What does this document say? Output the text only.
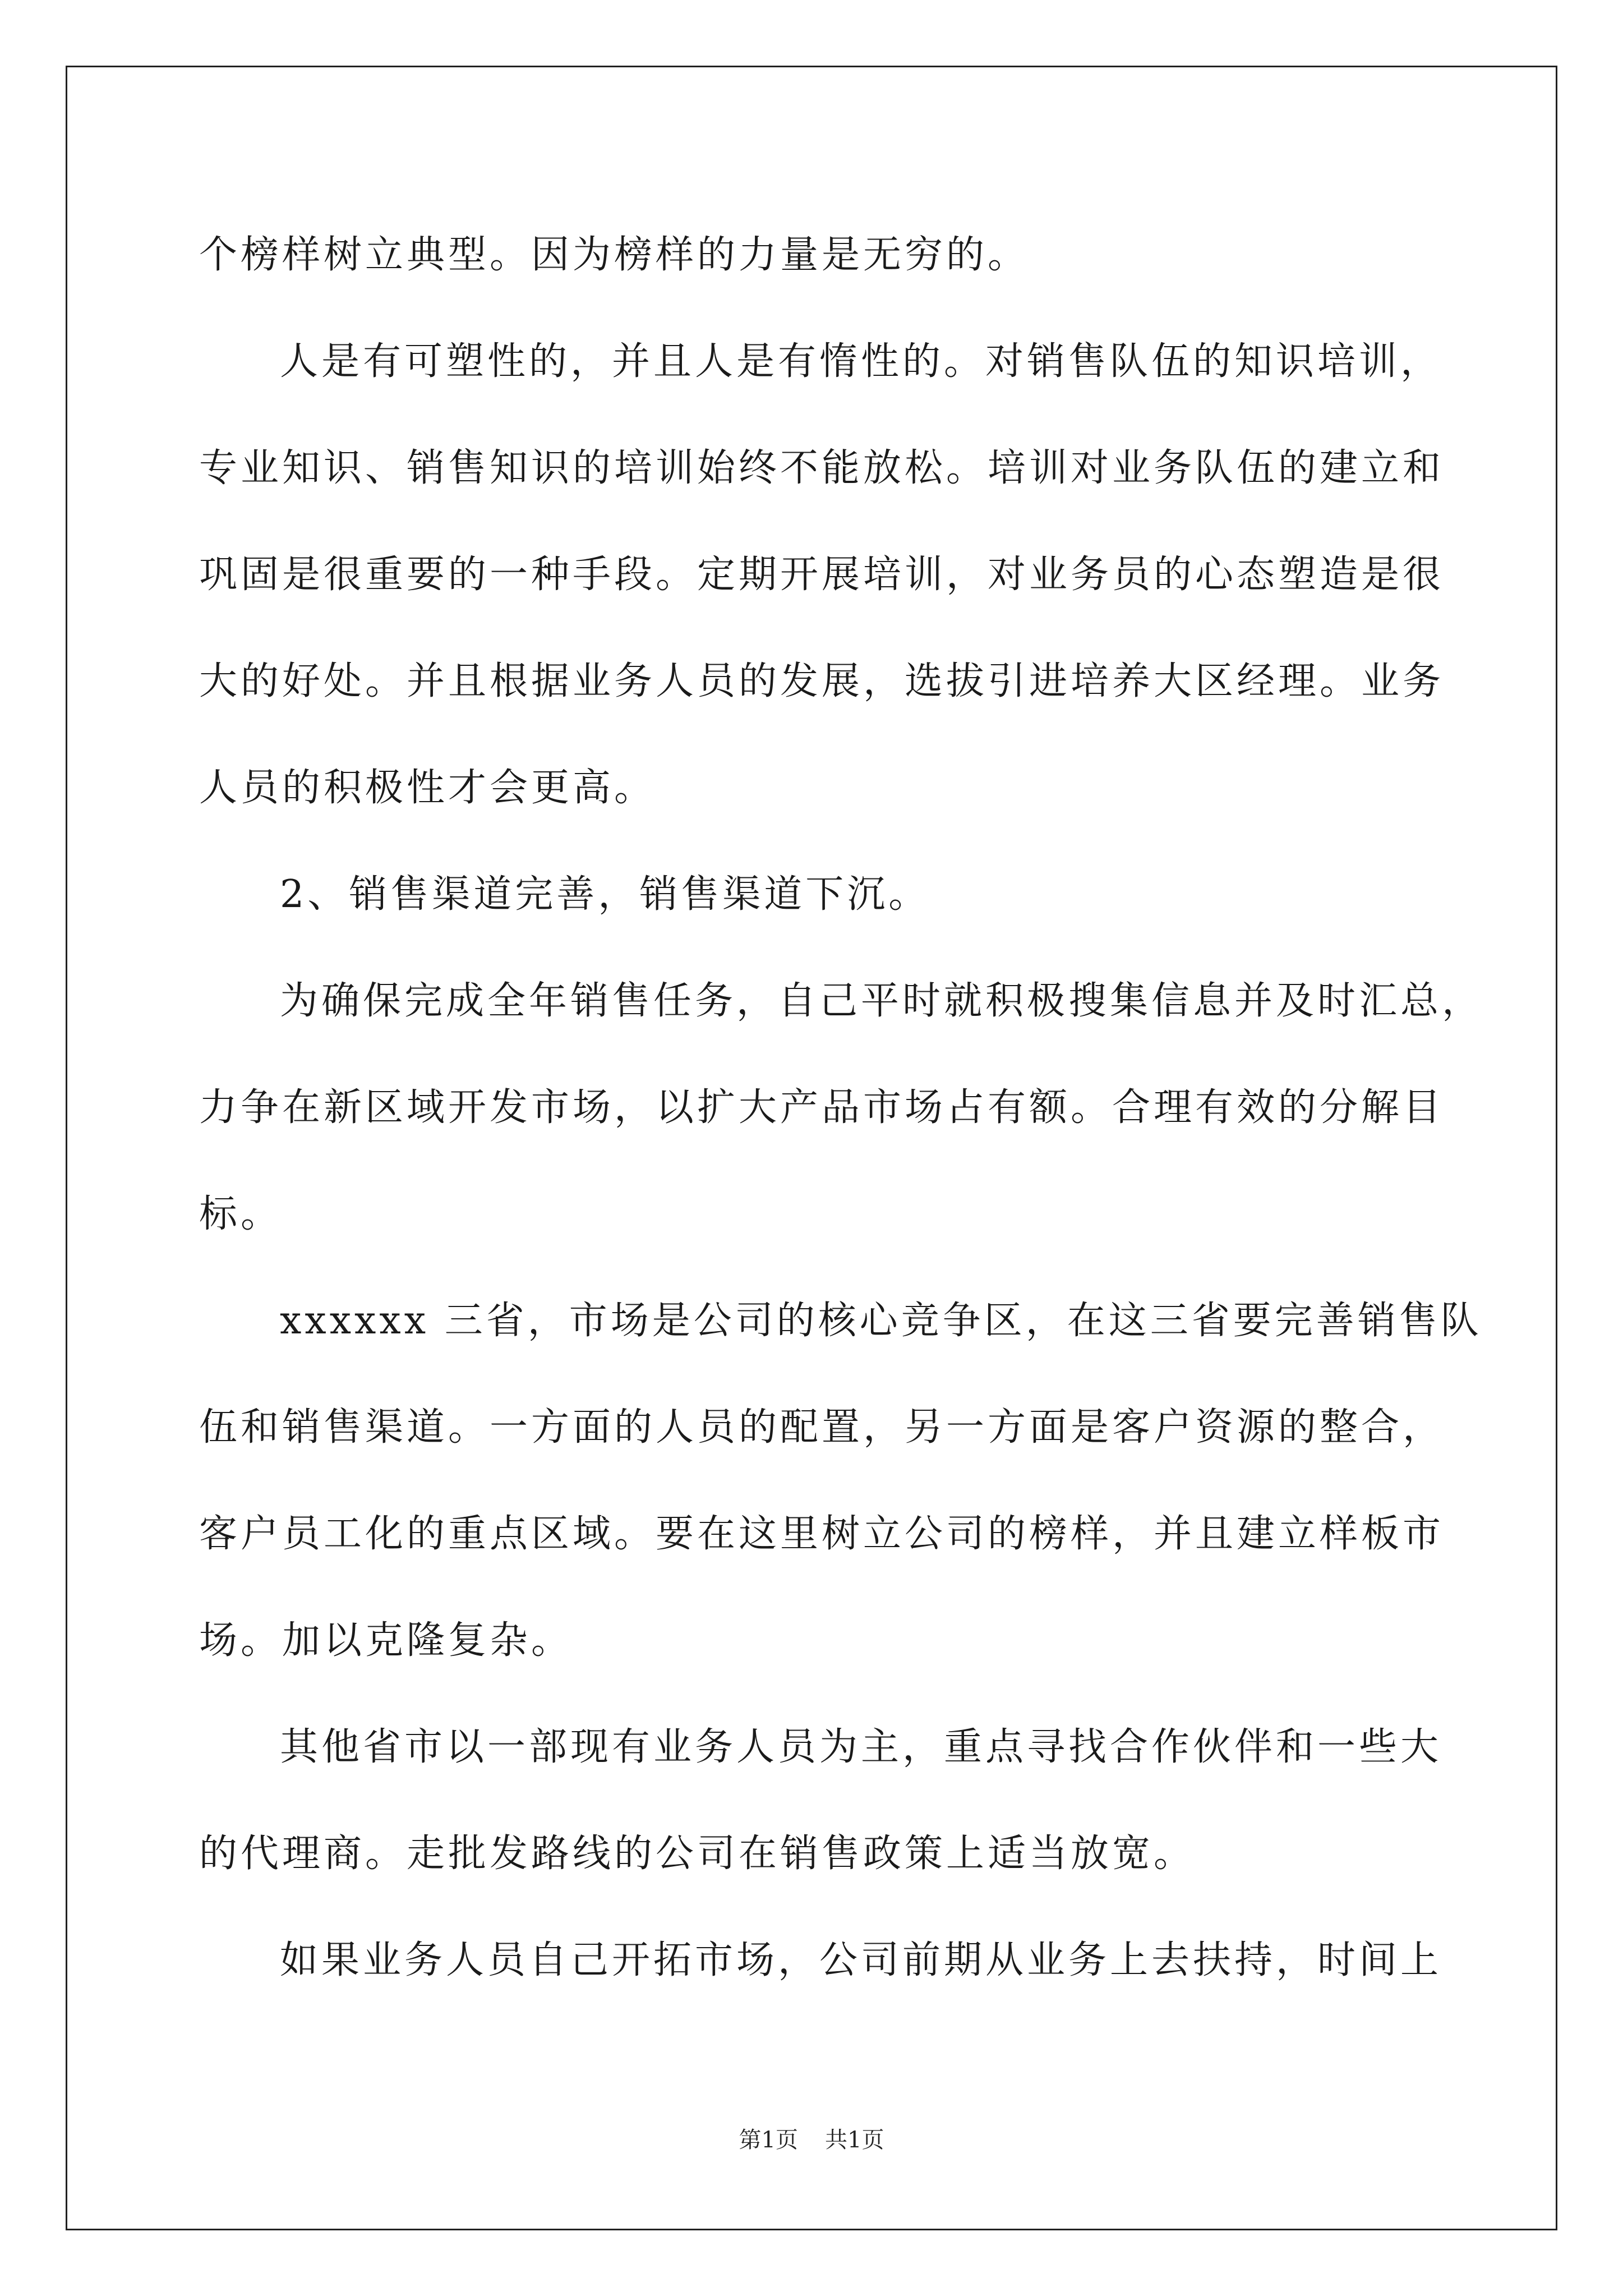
个榜样树立典型。因为榜样的力量是无穷的。
人是有可塑性的，并且人是有惰性的。对销售队伍的知识培训，
专业知识、销售知识的培训始终不能放松。培训对业务队伍的建立和
巩固是很重要的一种手段。定期开展培训，对业务员的心态塑造是很
大的好处。并且根据业务人员的发展，选拔引进培养大区经理。业务
人员的积极性才会更高。
2、销售渠道完善，销售渠道下沉。
为确保完成全年销售任务，自己平时就积极搜集信息并及时汇总，
力争在新区域开发市场，以扩大产品市场占有额。合理有效的分解目
标。
xxxxxx 三省，市场是公司的核心竞争区，在这三省要完善销售队
伍和销售渠道。一方面的人员的配置，另一方面是客户资源的整合，
客户员工化的重点区域。要在这里树立公司的榜样，并且建立样板市
场。加以克隆复杂。
其他省市以一部现有业务人员为主，重点寻找合作伙伴和一些大
的代理商。走批发路线的公司在销售政策上适当放宽。
如果业务人员自己开拓市场，公司前期从业务上去扶持，时间上
第1页 共1页
